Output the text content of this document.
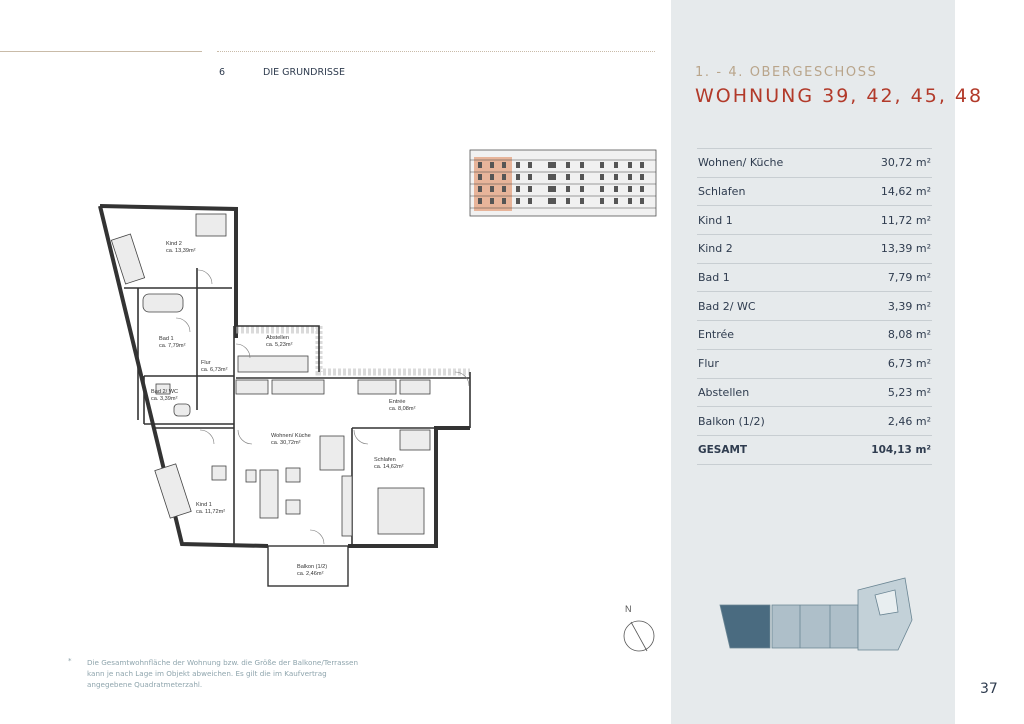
6	DIE GRUNDRISSE	1. - 4. OBERGESCHOSS
WOHNUNG 39, 42, 45, 48
Wohnen/ Küche	30,72 m²
Schlafen	14,62 m²
Kind 1	11,72 m²
Kind 2	13,39 m²
Bad 1	7,79 m²
Bad 2/ WC	3,39 m²
Entrée	8,08 m²
Flur	6,73 m²
Abstellen	5,23 m²
Balkon (1/2)	2,46 m²
GESAMT	104,13 m²
Kind 2
ca. 13,39m²
Bad 1
ca. 7,79m²
Flur
ca. 6,73m²
Abstellen
ca. 5,23m²
Bad 2/ WC
ca. 3,39m²	Entrée
ca. 8,08m²
Wohnen/ Küche
ca. 30,72m²
Schlafen
ca. 14,62m²
Kind 1
ca. 11,72m²
Balkon (1/2)
ca. 2,46m²
N
* Die Gesamtwohnfläche der Wohnung bzw. die Größe der Balkone/Terrassen kann je nach Lage im Objekt abweichen. Es gilt die im Kaufvertrag angegebene Quadratmeterzahl.	37
